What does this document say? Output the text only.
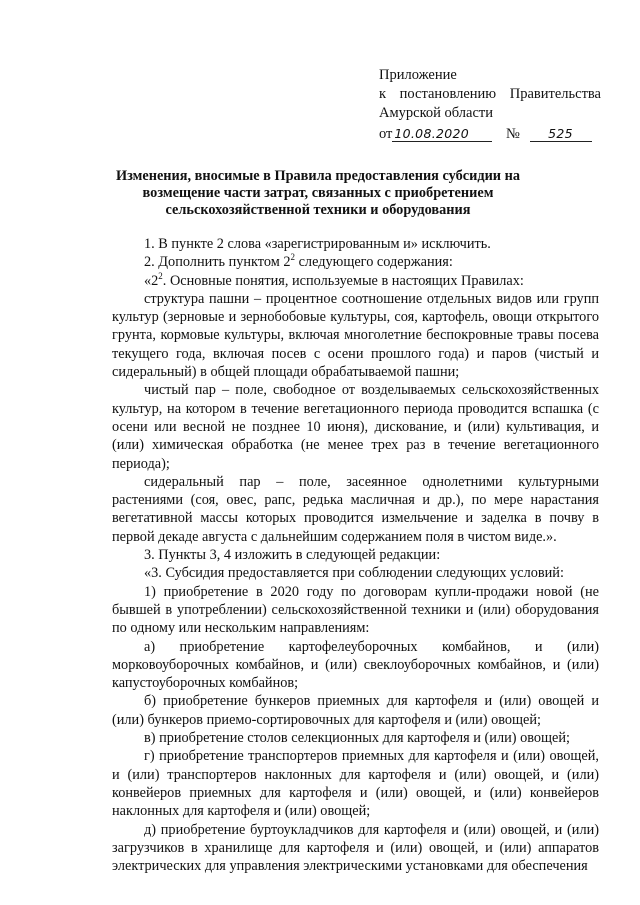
Приложение
к постановлению Правительства
Амурской области
от 10.08.2020	№ 525
Изменения, вносимые в Правила предоставления субсидии на возмещение части затрат, связанных с приобретением сельскохозяйственной техники и оборудования

1. В пункте 2 слова «зарегистрированным и» исключить.

2. Дополнить пунктом $2^2$ следующего содержания:

«$2^2$. Основные понятия, используемые в настоящих Правилах:

структура пашни – процентное соотношение отдельных видов или групп культур (зерновые и зернобобовые культуры, соя, картофель, овощи открытого грунта, кормовые культуры, включая многолетние беспокровные травы посева текущего года, включая посев с осени прошлого года) и паров (чистый и сидеральный) в общей площади обрабатываемой пашни;

чистый пар – поле, свободное от возделываемых сельскохозяйственных культур, на котором в течение вегетационного периода проводится вспашка (с осени или весной не позднее 10 июня), дискование, и (или) культивация, и (или) химическая обработка (не менее трех раз в течение вегетационного периода);

сидеральный пар – поле, засеянное однолетними культурными растениями (соя, овес, рапс, редька масличная и др.), по мере нарастания вегетативной массы которых проводится измельчение и заделка в почву в первой декаде августа с дальнейшим содержанием поля в чистом виде.».

3. Пункты 3, 4 изложить в следующей редакции:

«3. Субсидия предоставляется при соблюдении следующих условий:

1) приобретение в 2020 году по договорам купли-продажи новой (не бывшей в употреблении) сельскохозяйственной техники и (или) оборудования по одному или нескольким направлениям:

а) приобретение картофелеуборочных комбайнов, и (или) морковоуборочных комбайнов, и (или) свеклоуборочных комбайнов, и (или) капустоуборочных комбайнов;

б) приобретение бункеров приемных для картофеля и (или) овощей и (или) бункеров приемо-сортировочных для картофеля и (или) овощей;

в) приобретение столов селекционных для картофеля и (или) овощей;

г) приобретение транспортеров приемных для картофеля и (или) овощей, и (или) транспортеров наклонных для картофеля и (или) овощей, и (или) конвейеров приемных для картофеля и (или) овощей, и (или) конвейеров наклонных для картофеля и (или) овощей;

д) приобретение буртоукладчиков для картофеля и (или) овощей, и (или) загрузчиков в хранилище для картофеля и (или) овощей, и (или) аппаратов электрических для управления электрическими установками для обеспечения
